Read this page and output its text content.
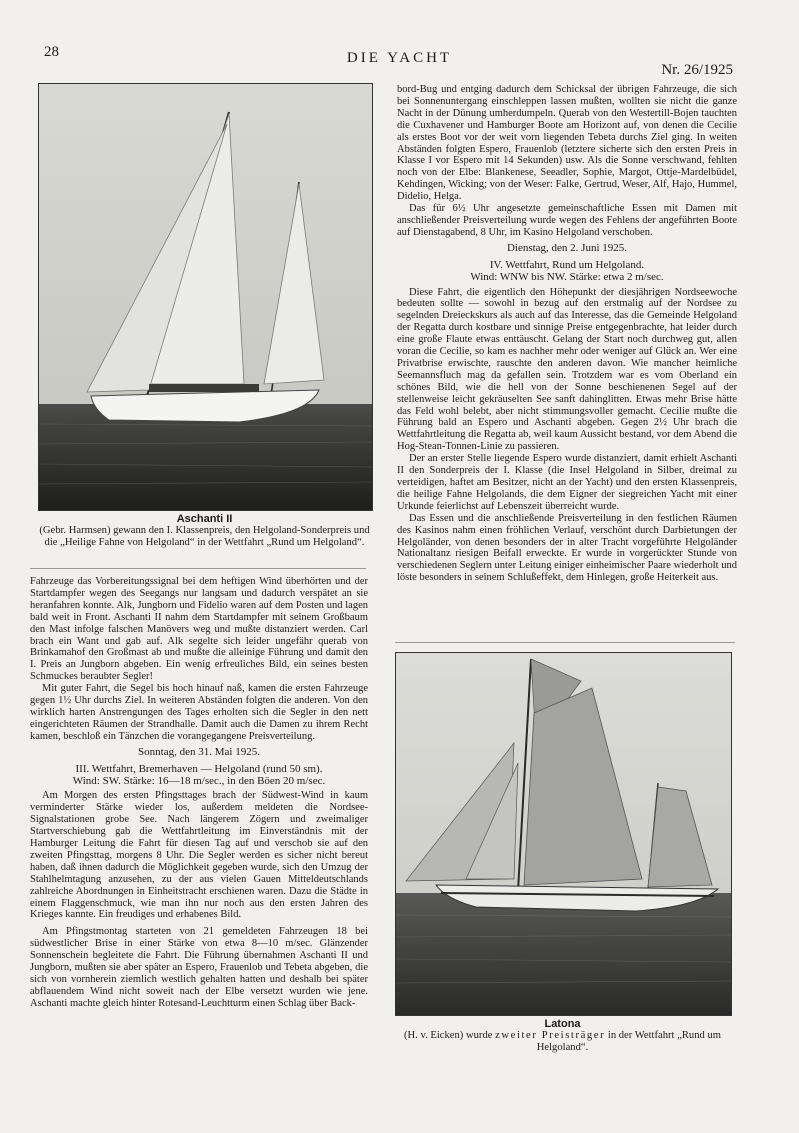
28	DIE YACHT
Nr. 26/1925
Aschanti II
(Gebr. Harmsen) gewann den I. Klassenpreis, den Helgoland-Sonderpreis und die „Heilige Fahne von Helgoland“ in der Wettfahrt „Rund um Helgoland“.

Fahrzeuge das Vorbereitungssignal bei dem heftigen Wind überhörten und der Startdampfer wegen des Seegangs nur langsam und dadurch verspätet an sie heranfahren konnte. Alk, Jungborn und Fidelio waren auf dem Posten und lagen bald weit in Front. Aschanti II nahm dem Startdampfer mit seinem Großbaum den Mast infolge falschen Manövers weg und mußte distanziert werden. Carl brach ein Want und gab auf. Alk segelte sich leider ungefähr querab von Brinkamahof den Großmast ab und mußte die alleinige Führung und damit den I. Preis an Jungborn abgeben. Ein wenig erfreuliches Bild, ein seines besten Schmuckes beraubter Segler!

Mit guter Fahrt, die Segel bis hoch hinauf naß, kamen die ersten Fahrzeuge gegen 1½ Uhr durchs Ziel. In weiteren Abständen folgten die anderen. Von den wirklich harten Anstrengungen des Tages erholten sich die Segler in den nett eingerichteten Räumen der Strandhalle. Damit auch die Damen zu ihrem Recht kamen, beschloß ein Tänzchen die vorangegangene Preisverteilung.

Sonntag, den 31. Mai 1925.

III. Wettfahrt, Bremerhaven — Helgoland (rund 50 sm).

Wind: SW. Stärke: 16—18 m/sec., in den Böen 20 m/sec.

Am Morgen des ersten Pfingsttages brach der Südwest-Wind in kaum verminderter Stärke wieder los, außerdem meldeten die Nordsee-Signalstationen grobe See. Nach längerem Zögern und zweimaliger Startverschiebung gab die Wettfahrtleitung im Einverständnis mit der Hamburger Leitung die Fahrt für diesen Tag auf und verschob sie auf den zweiten Pfingsttag, morgens 8 Uhr. Die Segler werden es sicher nicht bereut haben, daß ihnen dadurch die Möglichkeit gegeben wurde, sich den Umzug der Stahlhelmtagung anzusehen, zu der aus vielen Gauen Mitteldeutschlands zahlreiche Abordnungen in Einheitstracht erschienen waren. Dazu die Städte in einem Flaggenschmuck, wie man ihn nur noch aus den ersten Jahren des Krieges kannte. Ein freudiges und erhabenes Bild.

Am Pfingstmontag starteten von 21 gemeldeten Fahrzeugen 18 bei südwestlicher Brise in einer Stärke von etwa 8—10 m/sec. Glänzender Sonnenschein begleitete die Fahrt. Die Führung übernahmen Aschanti II und Jungborn, mußten sie aber später an Espero, Frauenlob und Tebeta abgeben, die sich von vornherein ziemlich westlich gehalten hatten und deshalb bei später abflauendem Wind nicht soweit nach der Elbe versetzt wurden wie jene. Aschanti machte gleich hinter Rotesand-Leuchtturm einen Schlag über Back-

bord-Bug und entging dadurch dem Schicksal der übrigen Fahrzeuge, die sich bei Sonnenuntergang einschleppen lassen mußten, wollten sie nicht die ganze Nacht in der Dünung umherdumpeln. Querab von den Westertill-Bojen tauchten die Cuxhavener und Hamburger Boote am Horizont auf, von denen die Cecilie als erstes Boot vor der weit vorn liegenden Tebeta durchs Ziel ging. In weiten Abständen folgten Espero, Frauenlob (letztere sicherte sich den ersten Preis in Klasse I vor Espero mit 14 Sekunden) usw. Als die Sonne verschwand, fehlten noch von der Elbe: Blankenese, Seeadler, Sophie, Margot, Ottje-Mardelbüdel, Kehdingen, Wicking; von der Weser: Falke, Gertrud, Weser, Alf, Hajo, Hummel, Didelio, Helga.

Das für 6½ Uhr angesetzte gemeinschaftliche Essen mit Damen mit anschließender Preisverteilung wurde wegen des Fehlens der angeführten Boote auf Dienstagabend, 8 Uhr, im Kasino Helgoland verschoben.

Dienstag, den 2. Juni 1925.

IV. Wettfahrt, Rund um Helgoland.

Wind: WNW bis NW. Stärke: etwa 2 m/sec.

Diese Fahrt, die eigentlich den Höhepunkt der diesjährigen Nordseewoche bedeuten sollte — sowohl in bezug auf den erstmalig auf der Nordsee zu segelnden Dreieckskurs als auch auf das Interesse, das die Gemeinde Helgoland der Regatta durch kostbare und sinnige Preise entgegenbrachte, hat leider durch eine große Flaute etwas enttäuscht. Gelang der Start noch durchweg gut, allen voran die Cecilie, so kam es nachher mehr oder weniger auf Glück an. Wer eine Privatbrise erwischte, rauschte den anderen davon. Wie mancher heimliche Seemannsfluch mag da gefallen sein. Trotzdem war es vom Oberland ein schönes Bild, wie die hell von der Sonne beschienenen Segel auf der stellenweise leicht gekräuselten See sanft dahinglitten. Etwas mehr Brise hätte das Feld wohl belebt, aber nicht stimmungsvoller gemacht. Cecilie mußte die Führung bald an Espero und Aschanti abgeben. Gegen 2½ Uhr brach die Wettfahrtleitung die Regatta ab, weil kaum Aussicht bestand, vor dem Abend die Hog-Stean-Tonnen-Linie zu passieren.

Der an erster Stelle liegende Espero wurde distanziert, damit erhielt Aschanti II den Sonderpreis der I. Klasse (die Insel Helgoland in Silber, dreimal zu verteidigen, haftet am Besitzer, nicht an der Yacht) und den ersten Klassenpreis, die heilige Fahne Helgolands, die dem Eigner der siegreichen Yacht mit einer Urkunde feierlichst auf Lebenszeit überreicht wurde.

Das Essen und die anschließende Preisverteilung in den festlichen Räumen des Kasinos nahm einen fröhlichen Verlauf, verschönt durch Darbietungen der Helgoländer, von denen besonders der in alter Tracht vorgeführte Helgoländer Nationaltanz riesigen Beifall erweckte. Er wurde in vorgerückter Stunde von verschiedenen Seglern unter Leitung einiger einheimischer Paare wiederholt und löste besonders in seinem Schlußeffekt, dem Hinlegen, große Heiterkeit aus.

Latona
(H. v. Eicken) wurde zweiter Preisträger in der Wettfahrt „Rund um Helgoland“.
